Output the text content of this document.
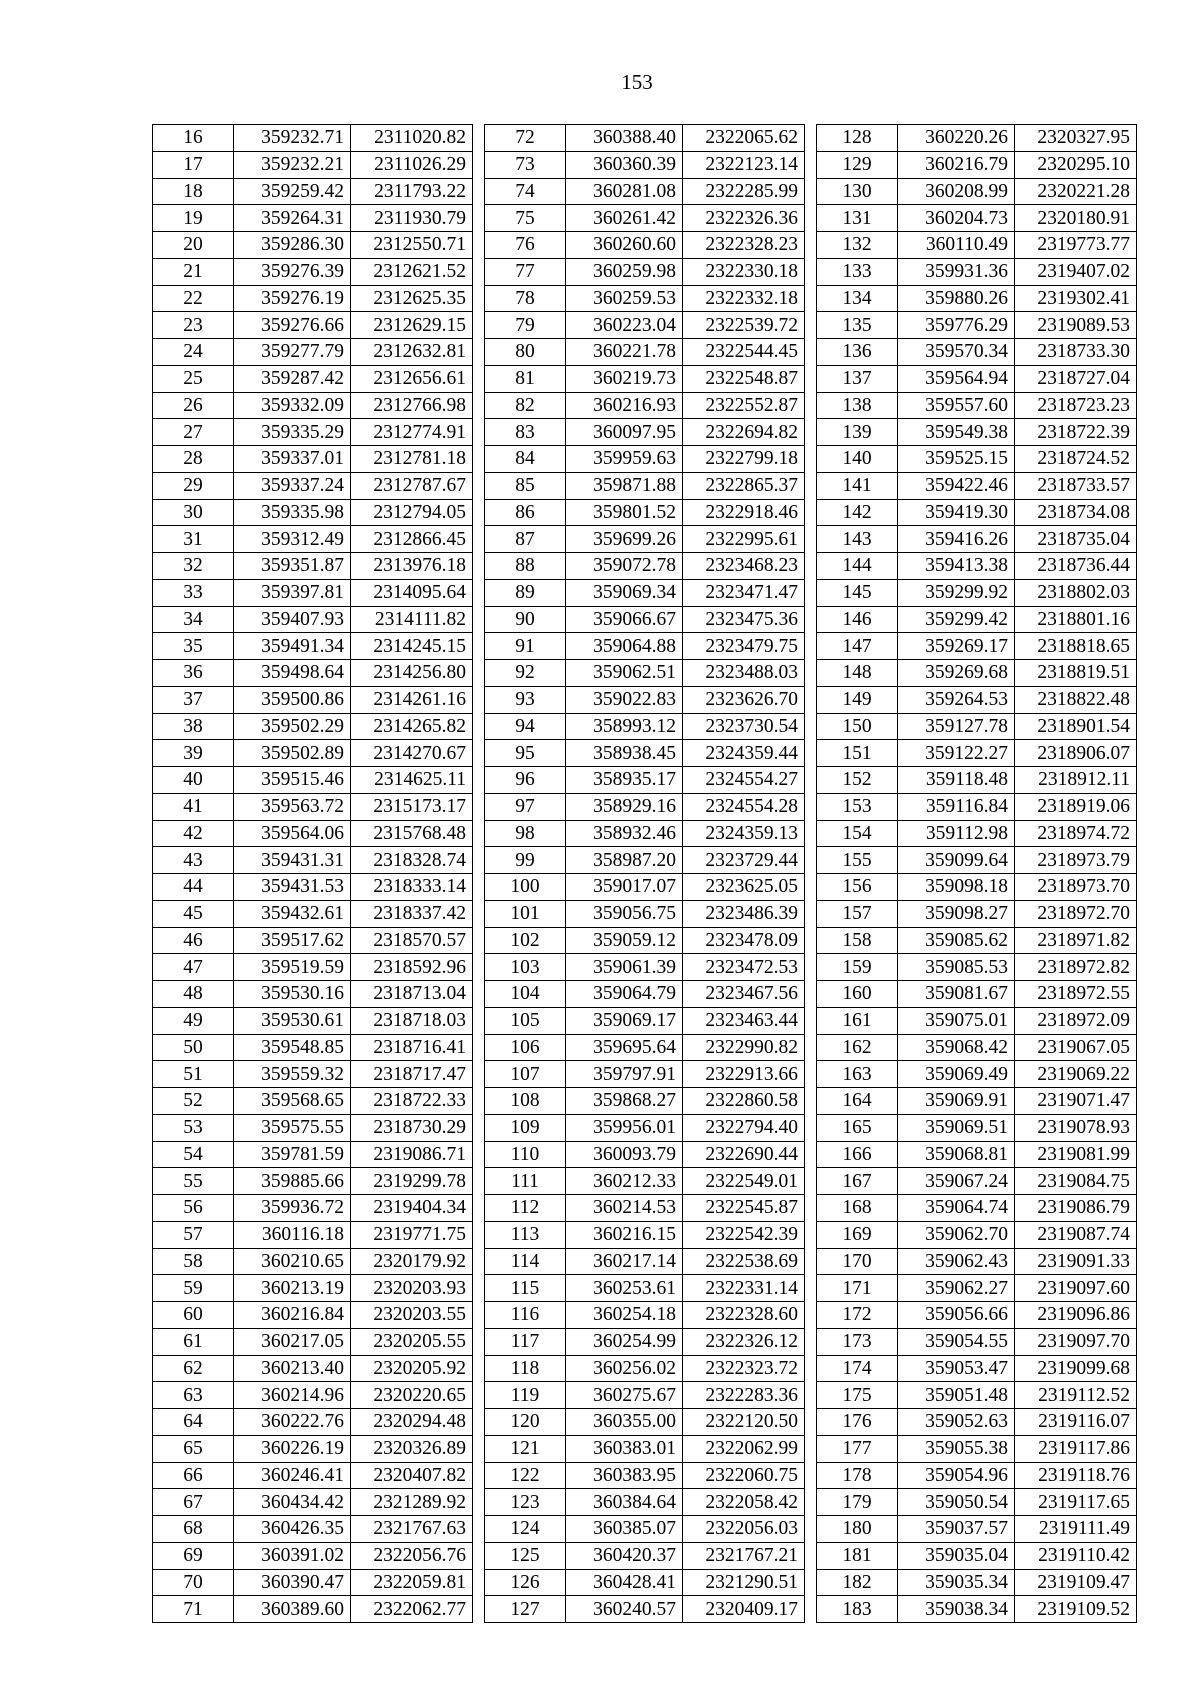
153
16	359232.71	2311020.82
17	359232.21	2311026.29
18	359259.42	2311793.22
19	359264.31	2311930.79
20	359286.30	2312550.71
21	359276.39	2312621.52
22	359276.19	2312625.35
23	359276.66	2312629.15
24	359277.79	2312632.81
25	359287.42	2312656.61
26	359332.09	2312766.98
27	359335.29	2312774.91
28	359337.01	2312781.18
29	359337.24	2312787.67
30	359335.98	2312794.05
31	359312.49	2312866.45
32	359351.87	2313976.18
33	359397.81	2314095.64
34	359407.93	2314111.82
35	359491.34	2314245.15
36	359498.64	2314256.80
37	359500.86	2314261.16
38	359502.29	2314265.82
39	359502.89	2314270.67
40	359515.46	2314625.11
41	359563.72	2315173.17
42	359564.06	2315768.48
43	359431.31	2318328.74
44	359431.53	2318333.14
45	359432.61	2318337.42
46	359517.62	2318570.57
47	359519.59	2318592.96
48	359530.16	2318713.04
49	359530.61	2318718.03
50	359548.85	2318716.41
51	359559.32	2318717.47
52	359568.65	2318722.33
53	359575.55	2318730.29
54	359781.59	2319086.71
55	359885.66	2319299.78
56	359936.72	2319404.34
57	360116.18	2319771.75
58	360210.65	2320179.92
59	360213.19	2320203.93
60	360216.84	2320203.55
61	360217.05	2320205.55
62	360213.40	2320205.92
63	360214.96	2320220.65
64	360222.76	2320294.48
65	360226.19	2320326.89
66	360246.41	2320407.82
67	360434.42	2321289.92
68	360426.35	2321767.63
69	360391.02	2322056.76
70	360390.47	2322059.81
71	360389.60	2322062.77
72	360388.40	2322065.62
73	360360.39	2322123.14
74	360281.08	2322285.99
75	360261.42	2322326.36
76	360260.60	2322328.23
77	360259.98	2322330.18
78	360259.53	2322332.18
79	360223.04	2322539.72
80	360221.78	2322544.45
81	360219.73	2322548.87
82	360216.93	2322552.87
83	360097.95	2322694.82
84	359959.63	2322799.18
85	359871.88	2322865.37
86	359801.52	2322918.46
87	359699.26	2322995.61
88	359072.78	2323468.23
89	359069.34	2323471.47
90	359066.67	2323475.36
91	359064.88	2323479.75
92	359062.51	2323488.03
93	359022.83	2323626.70
94	358993.12	2323730.54
95	358938.45	2324359.44
96	358935.17	2324554.27
97	358929.16	2324554.28
98	358932.46	2324359.13
99	358987.20	2323729.44
100	359017.07	2323625.05
101	359056.75	2323486.39
102	359059.12	2323478.09
103	359061.39	2323472.53
104	359064.79	2323467.56
105	359069.17	2323463.44
106	359695.64	2322990.82
107	359797.91	2322913.66
108	359868.27	2322860.58
109	359956.01	2322794.40
110	360093.79	2322690.44
111	360212.33	2322549.01
112	360214.53	2322545.87
113	360216.15	2322542.39
114	360217.14	2322538.69
115	360253.61	2322331.14
116	360254.18	2322328.60
117	360254.99	2322326.12
118	360256.02	2322323.72
119	360275.67	2322283.36
120	360355.00	2322120.50
121	360383.01	2322062.99
122	360383.95	2322060.75
123	360384.64	2322058.42
124	360385.07	2322056.03
125	360420.37	2321767.21
126	360428.41	2321290.51
127	360240.57	2320409.17
128	360220.26	2320327.95
129	360216.79	2320295.10
130	360208.99	2320221.28
131	360204.73	2320180.91
132	360110.49	2319773.77
133	359931.36	2319407.02
134	359880.26	2319302.41
135	359776.29	2319089.53
136	359570.34	2318733.30
137	359564.94	2318727.04
138	359557.60	2318723.23
139	359549.38	2318722.39
140	359525.15	2318724.52
141	359422.46	2318733.57
142	359419.30	2318734.08
143	359416.26	2318735.04
144	359413.38	2318736.44
145	359299.92	2318802.03
146	359299.42	2318801.16
147	359269.17	2318818.65
148	359269.68	2318819.51
149	359264.53	2318822.48
150	359127.78	2318901.54
151	359122.27	2318906.07
152	359118.48	2318912.11
153	359116.84	2318919.06
154	359112.98	2318974.72
155	359099.64	2318973.79
156	359098.18	2318973.70
157	359098.27	2318972.70
158	359085.62	2318971.82
159	359085.53	2318972.82
160	359081.67	2318972.55
161	359075.01	2318972.09
162	359068.42	2319067.05
163	359069.49	2319069.22
164	359069.91	2319071.47
165	359069.51	2319078.93
166	359068.81	2319081.99
167	359067.24	2319084.75
168	359064.74	2319086.79
169	359062.70	2319087.74
170	359062.43	2319091.33
171	359062.27	2319097.60
172	359056.66	2319096.86
173	359054.55	2319097.70
174	359053.47	2319099.68
175	359051.48	2319112.52
176	359052.63	2319116.07
177	359055.38	2319117.86
178	359054.96	2319118.76
179	359050.54	2319117.65
180	359037.57	2319111.49
181	359035.04	2319110.42
182	359035.34	2319109.47
183	359038.34	2319109.52
